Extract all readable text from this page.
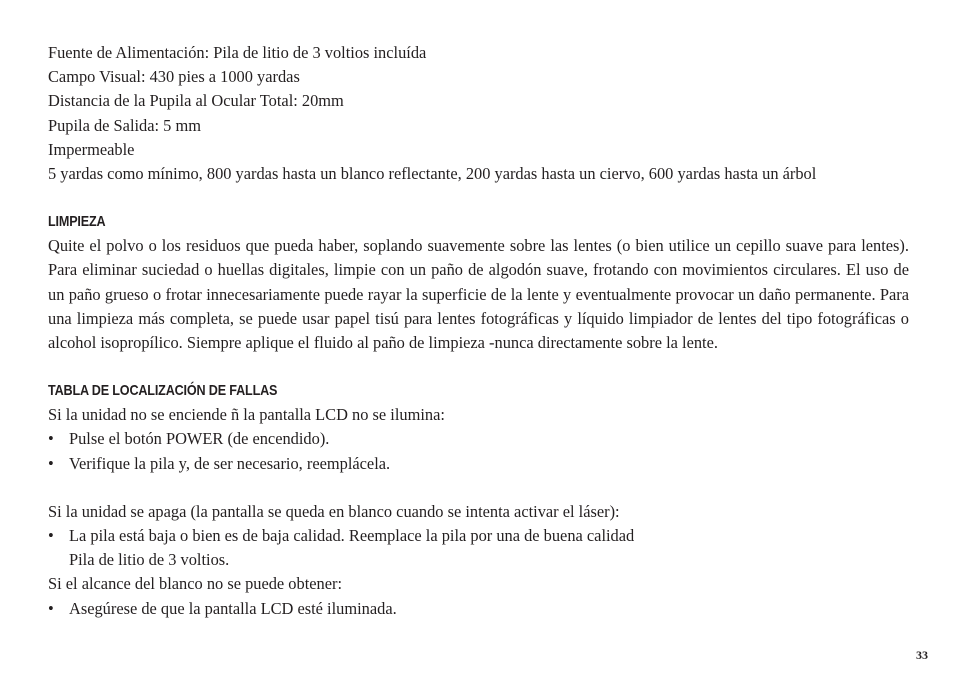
Fuente de Alimentación: Pila de litio de 3 voltios incluída
Campo Visual: 430 pies a 1000 yardas
Distancia de la Pupila al Ocular Total: 20mm
Pupila de Salida: 5 mm
Impermeable
5 yardas como mínimo, 800 yardas hasta un blanco reflectante, 200 yardas hasta un ciervo, 600 yardas hasta un árbol
LIMPIEZA

Quite el polvo o los residuos que pueda haber, soplando suavemente sobre las lentes (o bien utilice un cepillo suave para lentes). Para eliminar suciedad o huellas digitales, limpie con un paño de algodón suave, frotando con movimientos circulares. El uso de un paño grueso o frotar innecesariamente puede rayar la superficie de la lente y eventualmente provocar un daño permanente. Para una limpieza más completa, se puede usar papel tisú para lentes fotográficas y líquido limpiador de lentes del tipo fotográficas o alcohol isopropílico. Siempre aplique el fluido al paño de limpieza -nunca directamente sobre la lente.

TABLA DE LOCALIZACIÓN DE FALLAS
Si la unidad no se enciende ñ la pantalla LCD no se ilumina:
• Pulse el botón POWER (de encendido).
• Verifique la pila y, de ser necesario, reemplácela.
Si la unidad se apaga (la pantalla se queda en blanco cuando se intenta activar el láser):
• La pila está baja o bien es de baja calidad. Reemplace la pila por una de buena calidad
Pila de litio de 3 voltios.
Si el alcance del blanco no se puede obtener:
• Asegúrese de que la pantalla LCD esté iluminada.
33
